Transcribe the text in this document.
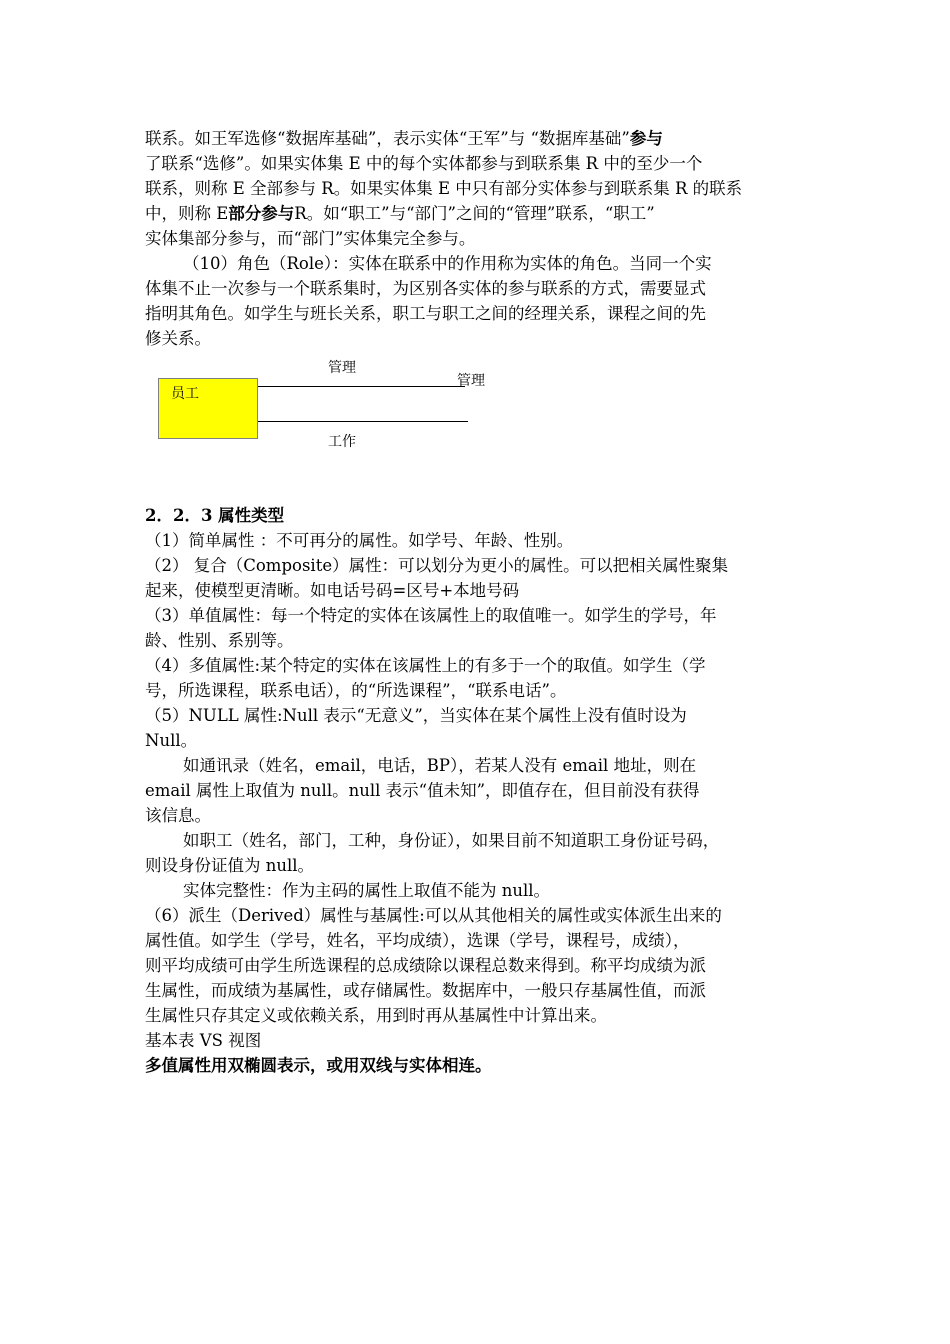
联系。如王军选修“数据库基础”，表示实体“王军”与 “数据库基础”参与
了联系“选修”。如果实体集 E 中的每个实体都参与到联系集 R 中的至少一个
联系，则称 E 全部参与 R。如果实体集 E 中只有部分实体参与到联系集 R 的联系
中，则称 E部分参与R。如“职工”与“部门”之间的“管理”联系，“职工”
实体集部分参与，而“部门”实体集完全参与。
（10）角色（Role）：实体在联系中的作用称为实体的角色。当同一个实
体集不止一次参与一个联系集时，为区别各实体的参与联系的方式，需要显式
指明其角色。如学生与班长关系，职工与职工之间的经理关系，课程之间的先
修关系。
员工
管理
管理
工作
2．2．3 属性类型
（1）简单属性 ：不可再分的属性。如学号、年龄、性别。
（2） 复合（Composite）属性：可以划分为更小的属性。可以把相关属性聚集
起来，使模型更清晰。如电话号码=区号+本地号码
（3）单值属性：每一个特定的实体在该属性上的取值唯一。如学生的学号，年
龄、性别、系别等。
（4）多值属性:某个特定的实体在该属性上的有多于一个的取值。如学生（学
号，所选课程，联系电话），的“所选课程”，“联系电话”。
（5）NULL 属性:Null 表示“无意义”，当实体在某个属性上没有值时设为
Null。
如通讯录（姓名，email，电话，BP），若某人没有 email 地址，则在
email 属性上取值为 null。null 表示“值未知”，即值存在，但目前没有获得
该信息。
如职工（姓名，部门，工种，身份证），如果目前不知道职工身份证号码，
则设身份证值为 null。
实体完整性：作为主码的属性上取值不能为 null。
（6）派生（Derived）属性与基属性:可以从其他相关的属性或实体派生出来的
属性值。如学生（学号，姓名，平均成绩），选课（学号，课程号，成绩），
则平均成绩可由学生所选课程的总成绩除以课程总数来得到。称平均成绩为派
生属性，而成绩为基属性，或存储属性。数据库中，一般只存基属性值，而派
生属性只存其定义或依赖关系，用到时再从基属性中计算出来。
基本表 VS 视图
多值属性用双椭圆表示，或用双线与实体相连。
